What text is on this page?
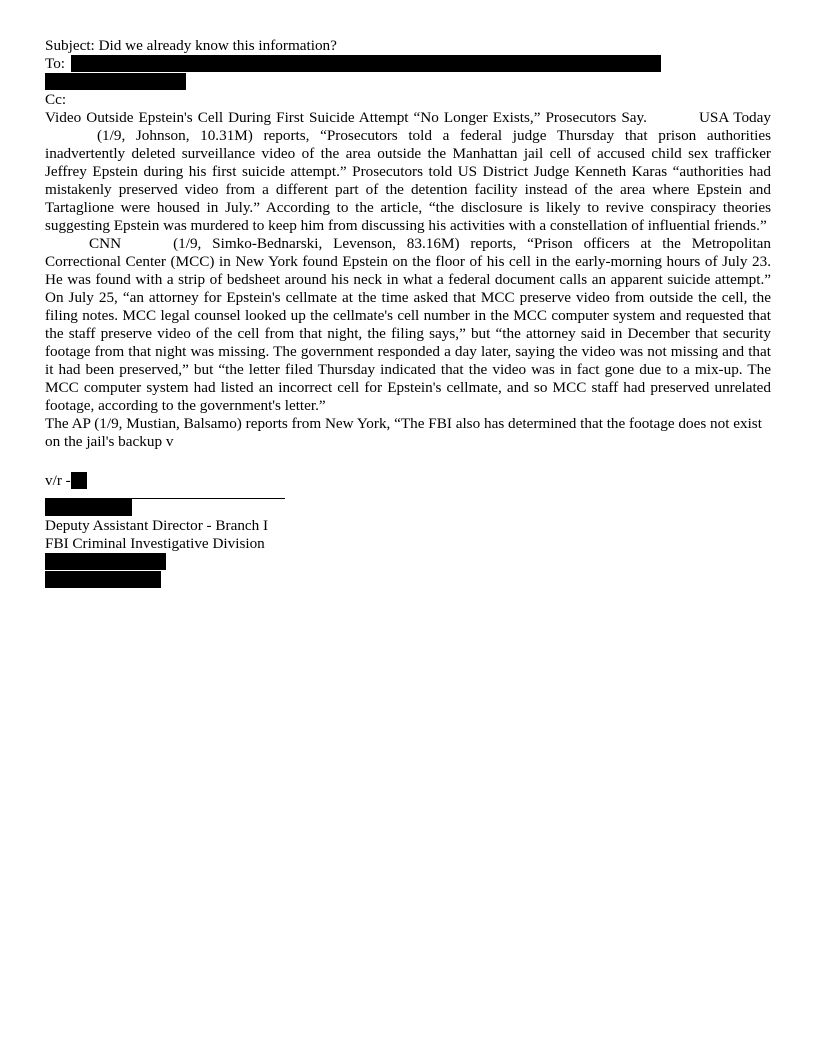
Subject: Did we already know this information?
To:
Cc:

Video Outside Epstein's Cell During First Suicide Attempt “No Longer Exists,” Prosecutors Say.	USA Today(1/9, Johnson, 10.31M) reports, “Prosecutors told a federal judge Thursday that prison authorities inadvertently deleted surveillance video of the area outside the Manhattan jail cell of accused child sex trafficker Jeffrey Epstein during his first suicide attempt.” Prosecutors told US District Judge Kenneth Karas “authorities had mistakenly preserved video from a different part of the detention facility instead of the area where Epstein and Tartaglione were housed in July.” According to the article, “the disclosure is likely to revive conspiracy theories suggesting Epstein was murdered to keep him from discussing his activities with a constellation of influential friends.”

CNN	(1/9, Simko-Bednarski, Levenson, 83.16M) reports, “Prison officers at the Metropolitan Correctional Center (MCC) in New York found Epstein on the floor of his cell in the early-morning hours of July 23. He was found with a strip of bedsheet around his neck in what a federal document calls an apparent suicide attempt.” On July 25, “an attorney for Epstein's cellmate at the time asked that MCC preserve video from outside the cell, the filing notes. MCC legal counsel looked up the cellmate's cell number in the MCC computer system and requested that the staff preserve video of the cell from that night, the filing says,” but “the attorney said in December that security footage from that night was missing. The government responded a day later, saying the video was not missing and that it had been preserved,” but “the letter filed Thursday indicated that the video was in fact gone due to a mix-up. The MCC computer system had listed an incorrect cell for Epstein's cellmate, and so MCC staff had preserved unrelated footage, according to the government's letter.”

The AP (1/9, Mustian, Balsamo) reports from New York, “The FBI also has determined that the footage does not exist on the jail's backup v

v/r -
Deputy Assistant Director - Branch I
FBI Criminal Investigative Division
